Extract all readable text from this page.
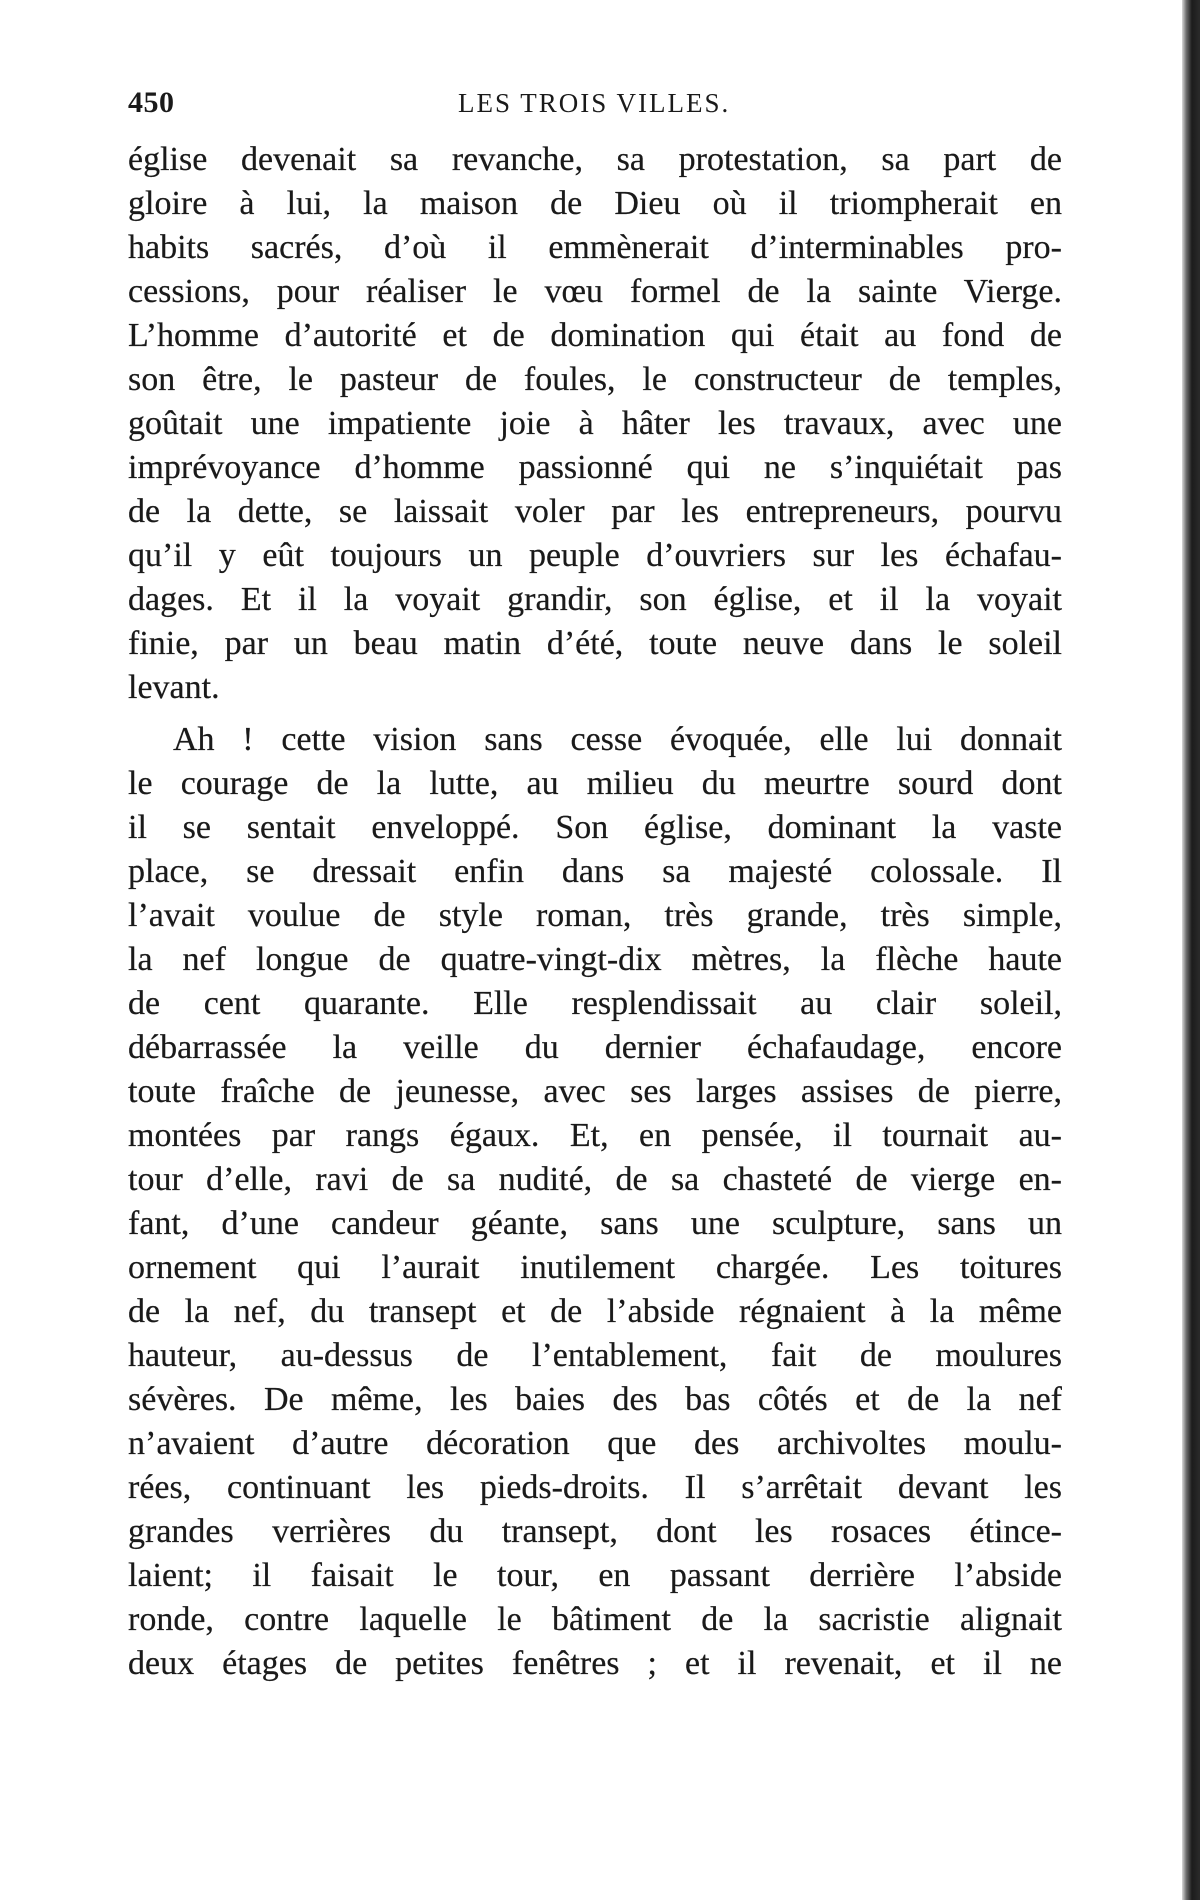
450	LES TROIS VILLES.
église devenait sa revanche, sa protestation, sa part de
gloire à lui, la maison de Dieu où il triompherait en
habits sacrés, d’où il emmènerait d’interminables pro-
cessions, pour réaliser le vœu formel de la sainte Vierge.
L’homme d’autorité et de domination qui était au fond de
son être, le pasteur de foules, le constructeur de temples,
goûtait une impatiente joie à hâter les travaux, avec une
imprévoyance d’homme passionné qui ne s’inquiétait pas
de la dette, se laissait voler par les entrepreneurs, pourvu
qu’il y eût toujours un peuple d’ouvriers sur les échafau-
dages. Et il la voyait grandir, son église, et il la voyait
finie, par un beau matin d’été, toute neuve dans le soleil
levant.
Ah ! cette vision sans cesse évoquée, elle lui donnait
le courage de la lutte, au milieu du meurtre sourd dont
il se sentait enveloppé. Son église, dominant la vaste
place, se dressait enfin dans sa majesté colossale. Il
l’avait voulue de style roman, très grande, très simple,
la nef longue de quatre-vingt-dix mètres, la flèche haute
de cent quarante. Elle resplendissait au clair soleil,
débarrassée la veille du dernier échafaudage, encore
toute fraîche de jeunesse, avec ses larges assises de pierre,
montées par rangs égaux. Et, en pensée, il tournait au-
tour d’elle, ravi de sa nudité, de sa chasteté de vierge en-
fant, d’une candeur géante, sans une sculpture, sans un
ornement qui l’aurait inutilement chargée. Les toitures
de la nef, du transept et de l’abside régnaient à la même
hauteur, au-dessus de l’entablement, fait de moulures
sévères. De même, les baies des bas côtés et de la nef
n’avaient d’autre décoration que des archivoltes moulu-
rées, continuant les pieds-droits. Il s’arrêtait devant les
grandes verrières du transept, dont les rosaces étince-
laient; il faisait le tour, en passant derrière l’abside
ronde, contre laquelle le bâtiment de la sacristie alignait
deux étages de petites fenêtres ; et il revenait, et il ne
